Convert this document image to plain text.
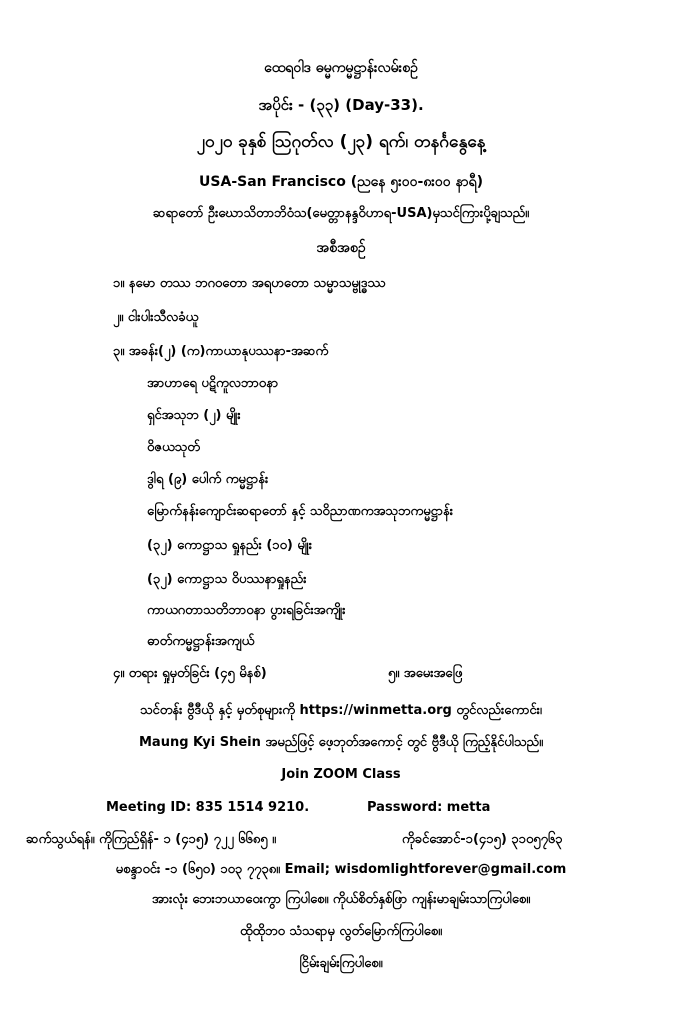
ထေရဝါဒ ဓမ္မကမ္မဋ္ဌာန်းလမ်းစဉ်
အပိုင်း - (၃၃) (Day-33).
၂၀၂၀ ခုနှစ် ဩဂုတ်လ (၂၃) ရက်၊ တနင်္ဂနွေနေ့
USA-San Francisco (ညနေ ၅း၀၀-၈း၀၀ နာရီ)
ဆရာတော် ဦးဃောသိတာဘိဝံသ(မေတ္တာနန္ဒဝိဟာရ-USA)မှသင်ကြားပို့ချသည်။
အစီအစဉ်
၁။ နမော တဿ ဘဂဝတော အရဟတော သမ္မာသမ္ဗုဒ္ဓဿ
၂။ ငါးပါးသီလခံယူ
၃။ အခန်း(၂) (က)ကာယာနုပဿနာ-အဆက်
အာဟာရေ ပဋိကူလဘာဝနာ
ရှင်အသုဘ (၂) မျိုး
ဝိဇယသုတ်
ဒွါရ (၉) ပေါက် ကမ္မဋ္ဌာန်း
မြောက်နန်းကျောင်းဆရာတော် နှင့် သဝိညာဏကအသုဘကမ္မဋ္ဌာန်း
(၃၂) ကောဋ္ဌာသ ရှုနည်း (၁၀) မျိုး
(၃၂) ကောဋ္ဌာသ ဝိပဿနာရှုနည်း
ကာယဂတာသတိဘာဝနာ ပွားရခြင်းအကျိုး
ဓာတ်ကမ္မဋ္ဌာန်းအကျယ်
၄။ တရား ရှုမှတ်ခြင်း (၄၅ မိနစ်)	၅။ အမေးအဖြေ
သင်တန်း ဗွီဒီယို နှင့် မှတ်စုများကို https://winmetta.org တွင်လည်းကောင်း၊
Maung Kyi Shein အမည်ဖြင့် ဖေ့ဘုတ်အကောင့် တွင် ဗွီဒီယို ကြည့်နိုင်ပါသည်။
Join ZOOM Class
Meeting ID: 835 1514 9210.	Password: metta
ဆက်သွယ်ရန်။ ကိုကြည်ရှိန်- ၁ (၄၁၅) ၇၂၂ ၆၆၈၅ ။	ကိုခင်အောင်-၁(၄၁၅) ၃၁၀၅၇၆၃
မစန္ဒာဝင်း -၁ (၆၅၀) ၁၀၃ ၇၇၃၈။ Email; wisdomlightforever@gmail.com
အားလုံး ဘေးဘယာဝေးကွာ ကြပါစေ။ ကိုယ်စိတ်နှစ်ဖြာ ကျန်းမာချမ်းသာကြပါစေ။
ထိုထိုဘဝ သံသရာမှ လွတ်မြောက်ကြပါစေ။
ငြိမ်းချမ်းကြပါစေ။
